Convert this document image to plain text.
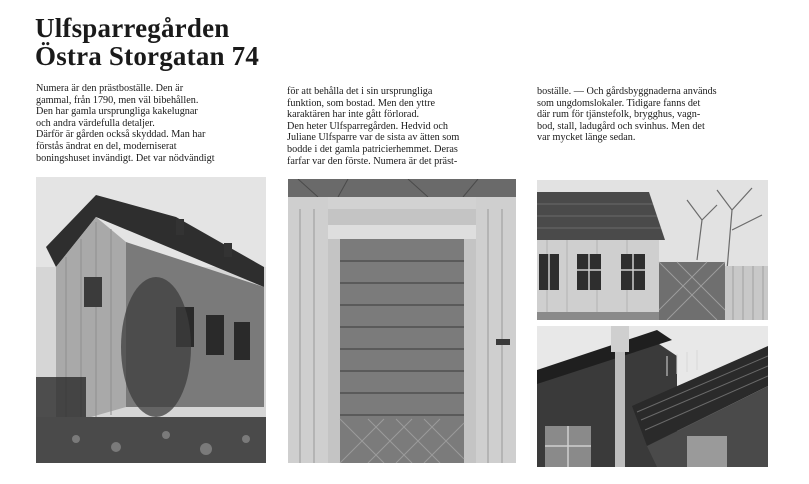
Ulfsparregården
Östra Storgatan 74

Numera är den prästboställe. Den är
gammal, från 1790, men väl bibehållen.
Den har gamla ursprungliga kakelugnar
och andra värdefulla detaljer.
Därför är gården också skyddad. Man har
förstås ändrat en del, moderniserat
boningshuset invändigt. Det var nödvändigt

för att behålla det i sin ursprungliga
funktion, som bostad. Men den yttre
karaktären har inte gått förlorad.
Den heter Ulfsparregården. Hedvid och
Juliane Ulfsparre var de sista av ätten som
bodde i det gamla patricierhemmet. Deras
farfar var den förste. Numera är det präst-

boställe. — Och gårdsbyggnaderna används
som ungdomslokaler. Tidigare fanns det
där rum för tjänstefolk, brygghus, vagn-
bod, stall, ladugård och svinhus. Men det
var mycket länge sedan.
